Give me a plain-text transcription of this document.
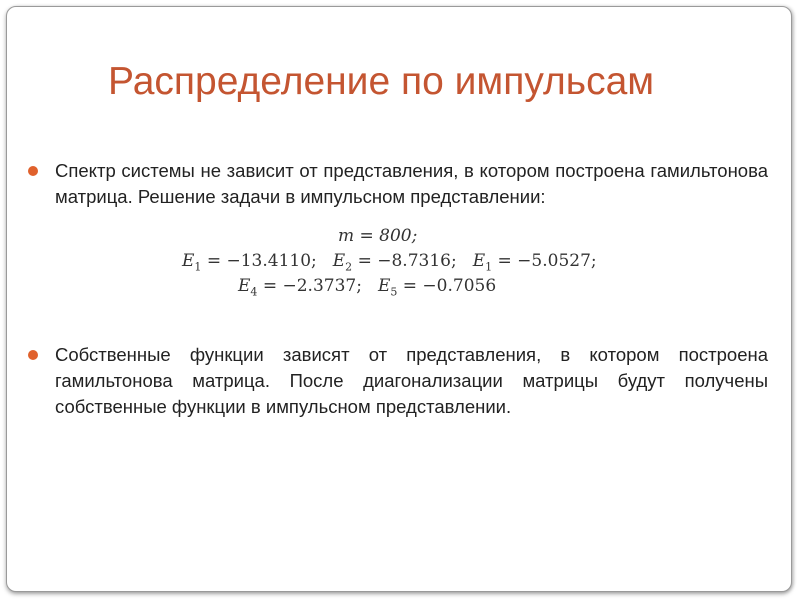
Распределение по импульсам
Спектр системы не зависит от представления, в котором построена гамильтонова матрица. Решение задачи в импульсном представлении:
m = 800;
$E_1 = -13.4110$; $E_2 = -8.7316$; $E_1 = -5.0527$;
$E_4 = -2.3737$; $E_5 = -0.7056$
Собственные функции зависят от представления, в котором построена гамильтонова матрица. После диагонализации матрицы будут получены собственные функции в импульсном представлении.
